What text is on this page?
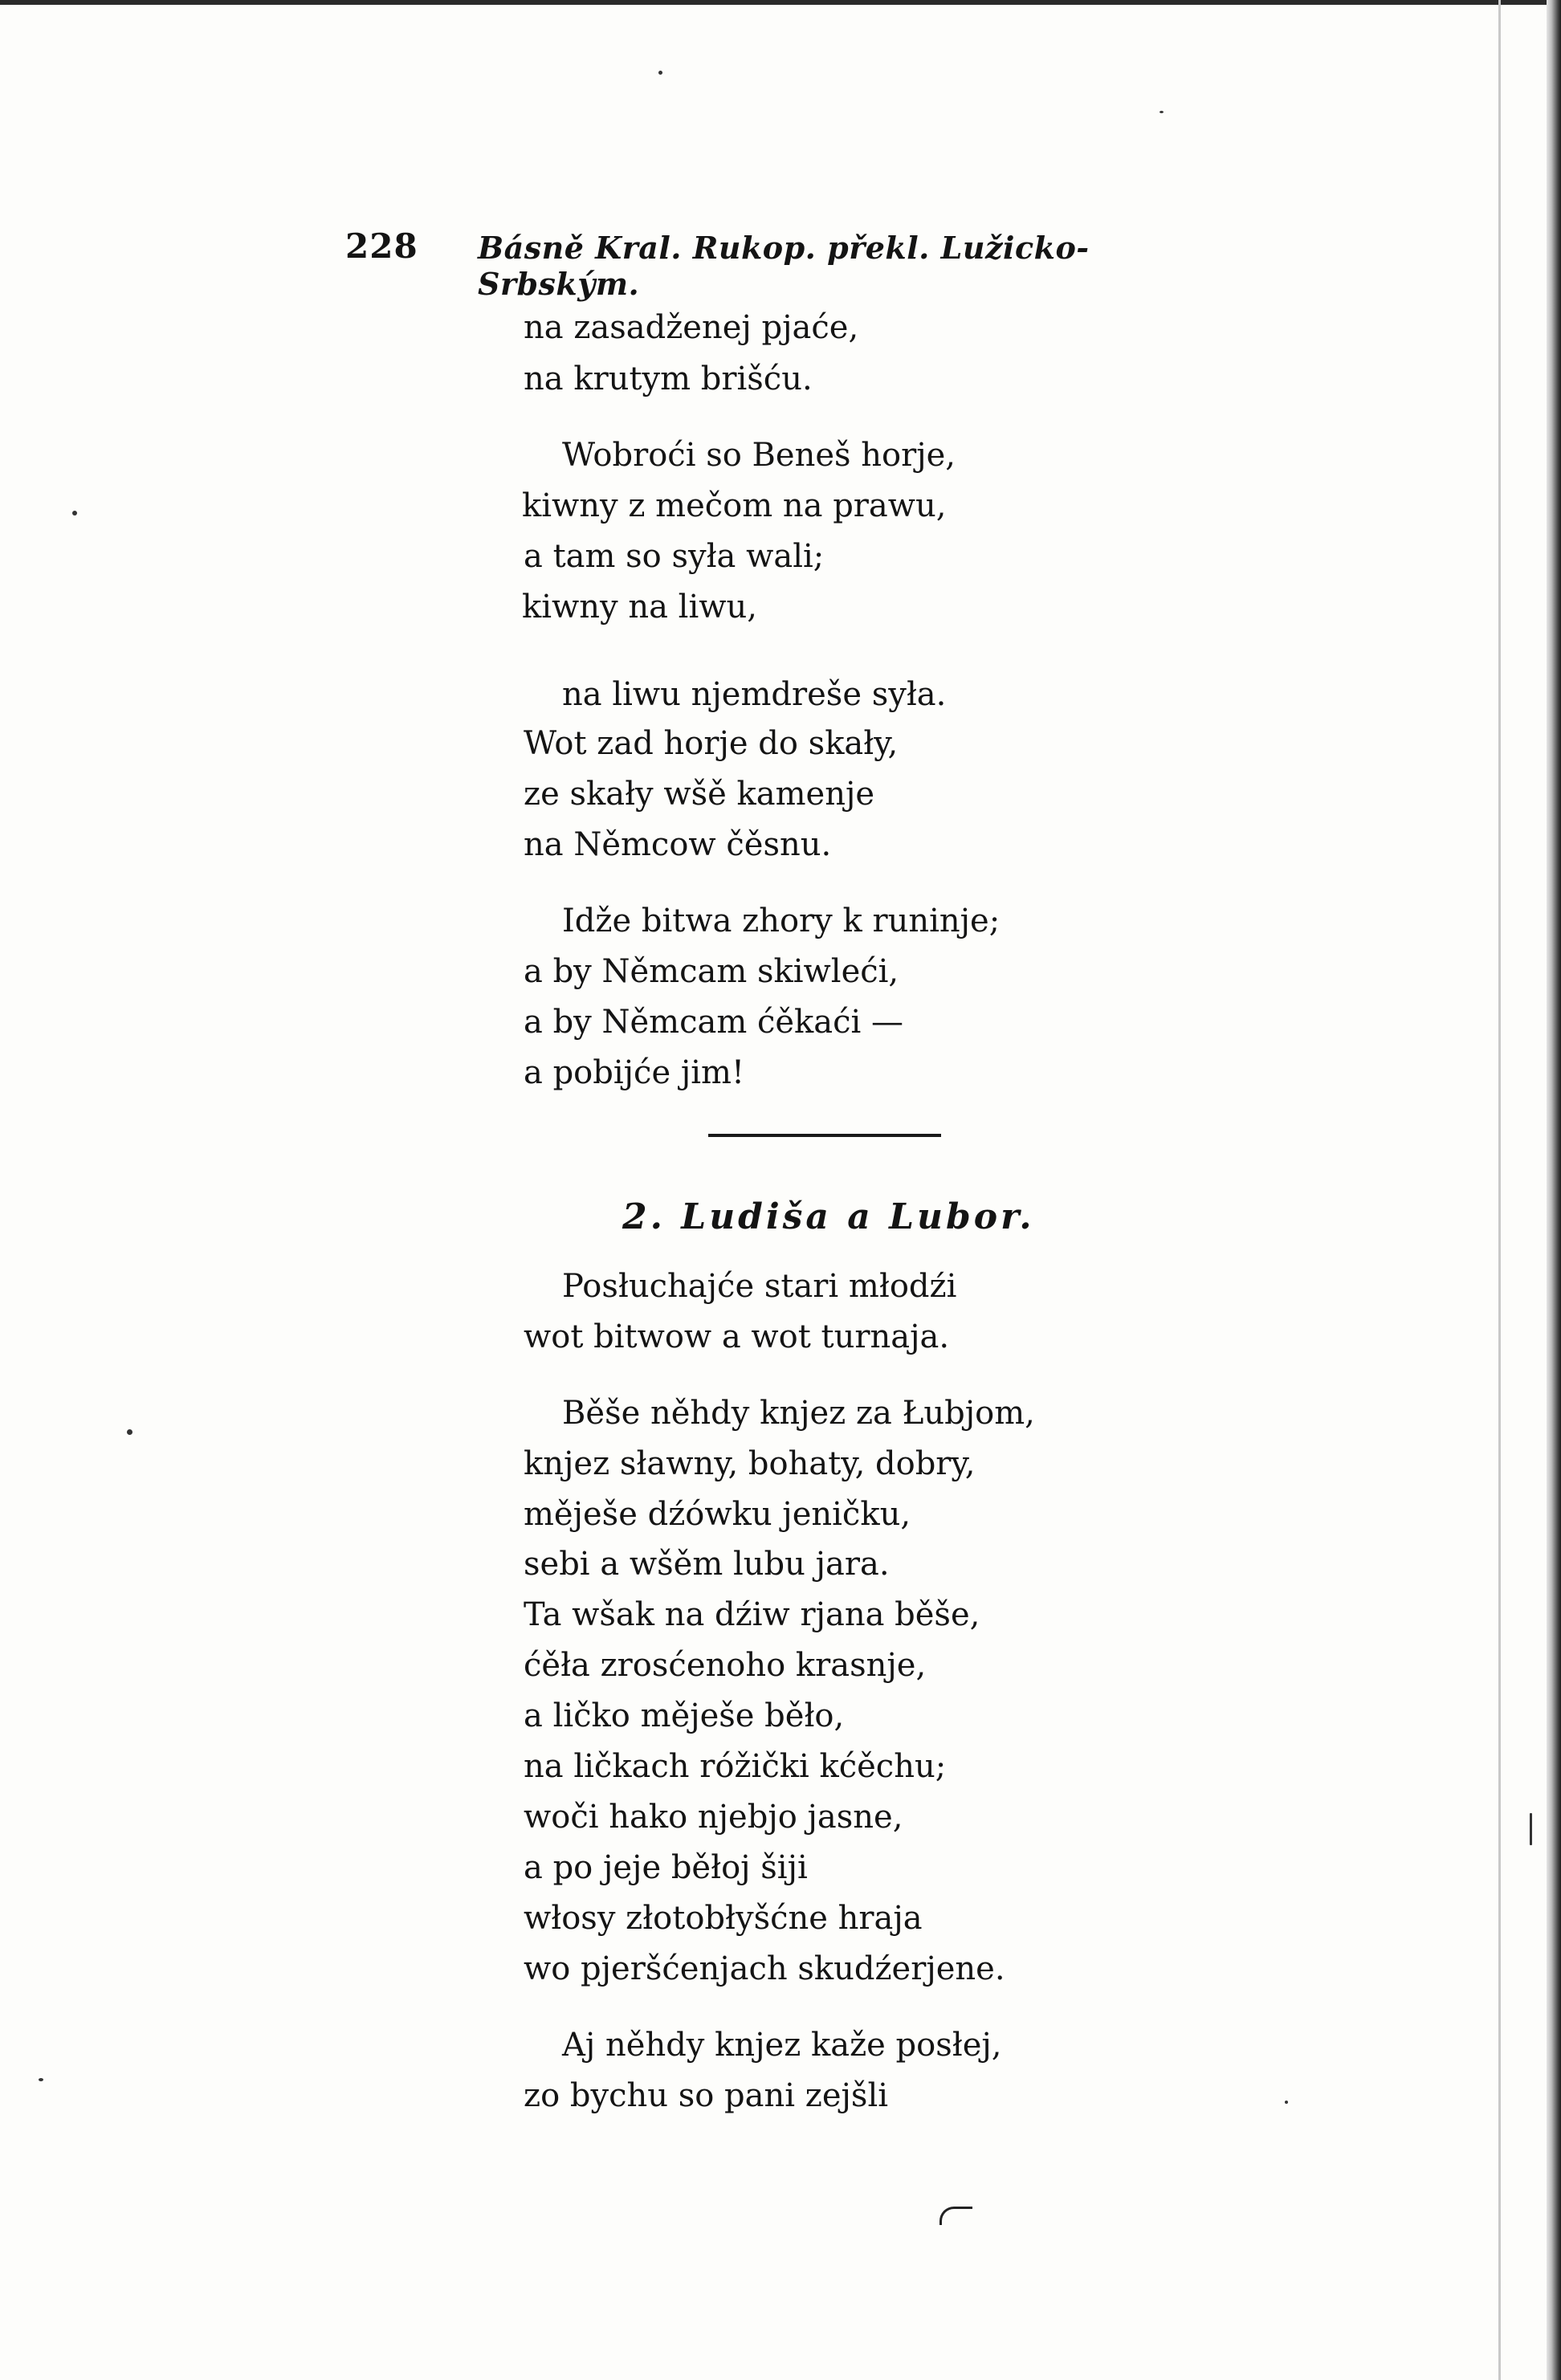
228 Básně Kral. Rukop. překl. Lužicko-Srbským.
na zasadženej pjaće,
na krutym brišću.
Wobroći so Beneš horje,
kiwny z mečom na prawu,
a tam so syła wali;
kiwny na liwu,
na liwu njemdreše syła.
Wot zad horje do skały,
ze skały wšě kamenje
na Němcow čěsnu.
Idže bitwa zhory k runinje;
a by Němcam skiwleći,
a by Němcam ćěkaći —
a pobijće jim!
2. Ludiša a Lubor.
Posłuchajće stari młodźi
wot bitwow a wot turnaja.
Běše něhdy knjez za Łubjom,
knjez sławny, bohaty, dobry,
měješe dźówku jeničku,
sebi a wšěm lubu jara.
Ta wšak na dźiw rjana běše,
ćěła zrosćenoho krasnje,
a ličko měješe běło,
na ličkach róžički kćěchu;
woči hako njebjo jasne,
a po jeje běłoj šiji
włosy złotobłyšćne hraja
wo pjeršćenjach skudźerjene.
Aj něhdy knjez kaže posłej,
zo bychu so pani zejšli
